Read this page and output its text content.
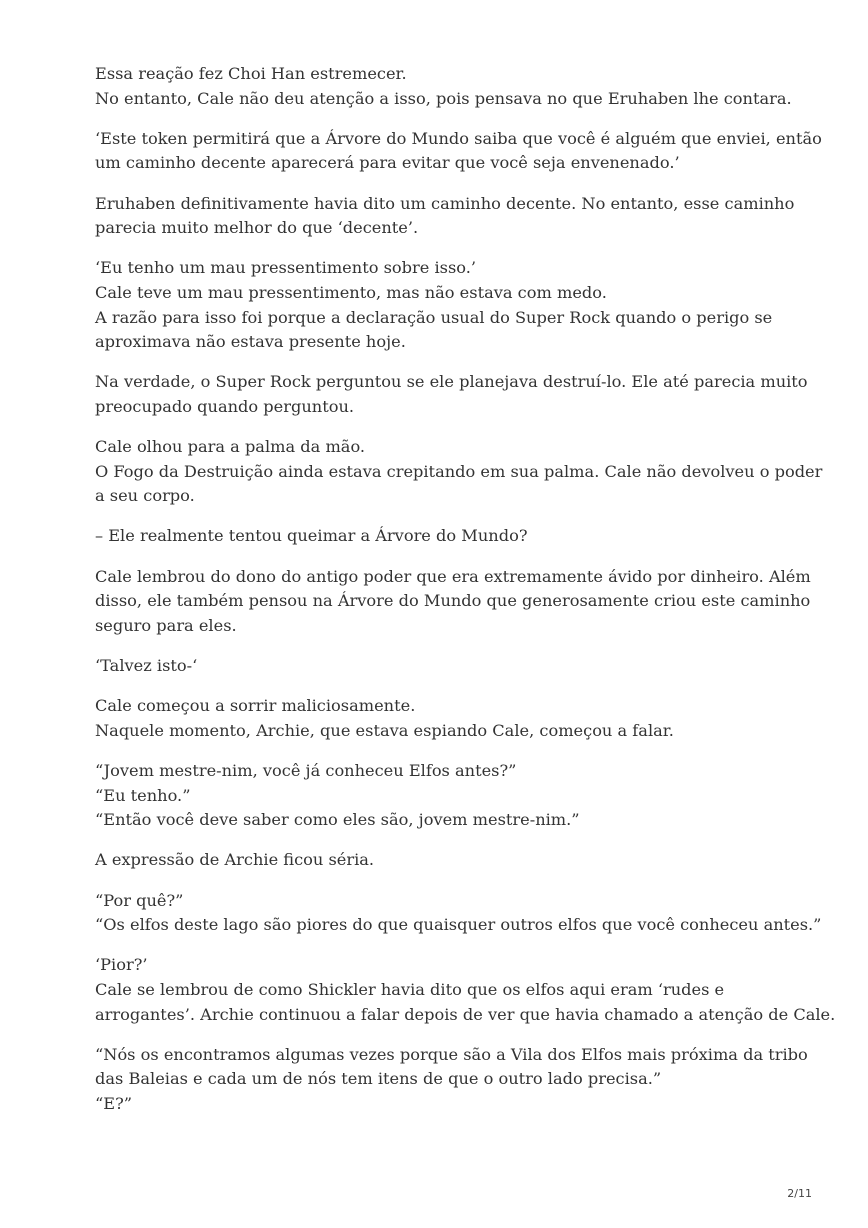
Essa reação fez Choi Han estremecer.
No entanto, Cale não deu atenção a isso, pois pensava no que Eruhaben lhe contara.

‘Este token permitirá que a Árvore do Mundo saiba que você é alguém que enviei, então
um caminho decente aparecerá para evitar que você seja envenenado.’

Eruhaben definitivamente havia dito um caminho decente. No entanto, esse caminho
parecia muito melhor do que ‘decente’.

‘Eu tenho um mau pressentimento sobre isso.’
Cale teve um mau pressentimento, mas não estava com medo.
A razão para isso foi porque a declaração usual do Super Rock quando o perigo se
aproximava não estava presente hoje.

Na verdade, o Super Rock perguntou se ele planejava destruí-lo. Ele até parecia muito
preocupado quando perguntou.

Cale olhou para a palma da mão.
O Fogo da Destruição ainda estava crepitando em sua palma. Cale não devolveu o poder
a seu corpo.

– Ele realmente tentou queimar a Árvore do Mundo?

Cale lembrou do dono do antigo poder que era extremamente ávido por dinheiro. Além
disso, ele também pensou na Árvore do Mundo que generosamente criou este caminho
seguro para eles.

‘Talvez isto-‘

Cale começou a sorrir maliciosamente.
Naquele momento, Archie, que estava espiando Cale, começou a falar.

“Jovem mestre-nim, você já conheceu Elfos antes?”
“Eu tenho.”
“Então você deve saber como eles são, jovem mestre-nim.”

A expressão de Archie ficou séria.

“Por quê?”
“Os elfos deste lago são piores do que quaisquer outros elfos que você conheceu antes.”

‘Pior?’
Cale se lembrou de como Shickler havia dito que os elfos aqui eram ‘rudes e
arrogantes’. Archie continuou a falar depois de ver que havia chamado a atenção de Cale.

“Nós os encontramos algumas vezes porque são a Vila dos Elfos mais próxima da tribo
das Baleias e cada um de nós tem itens de que o outro lado precisa.”
“E?”

2/11
